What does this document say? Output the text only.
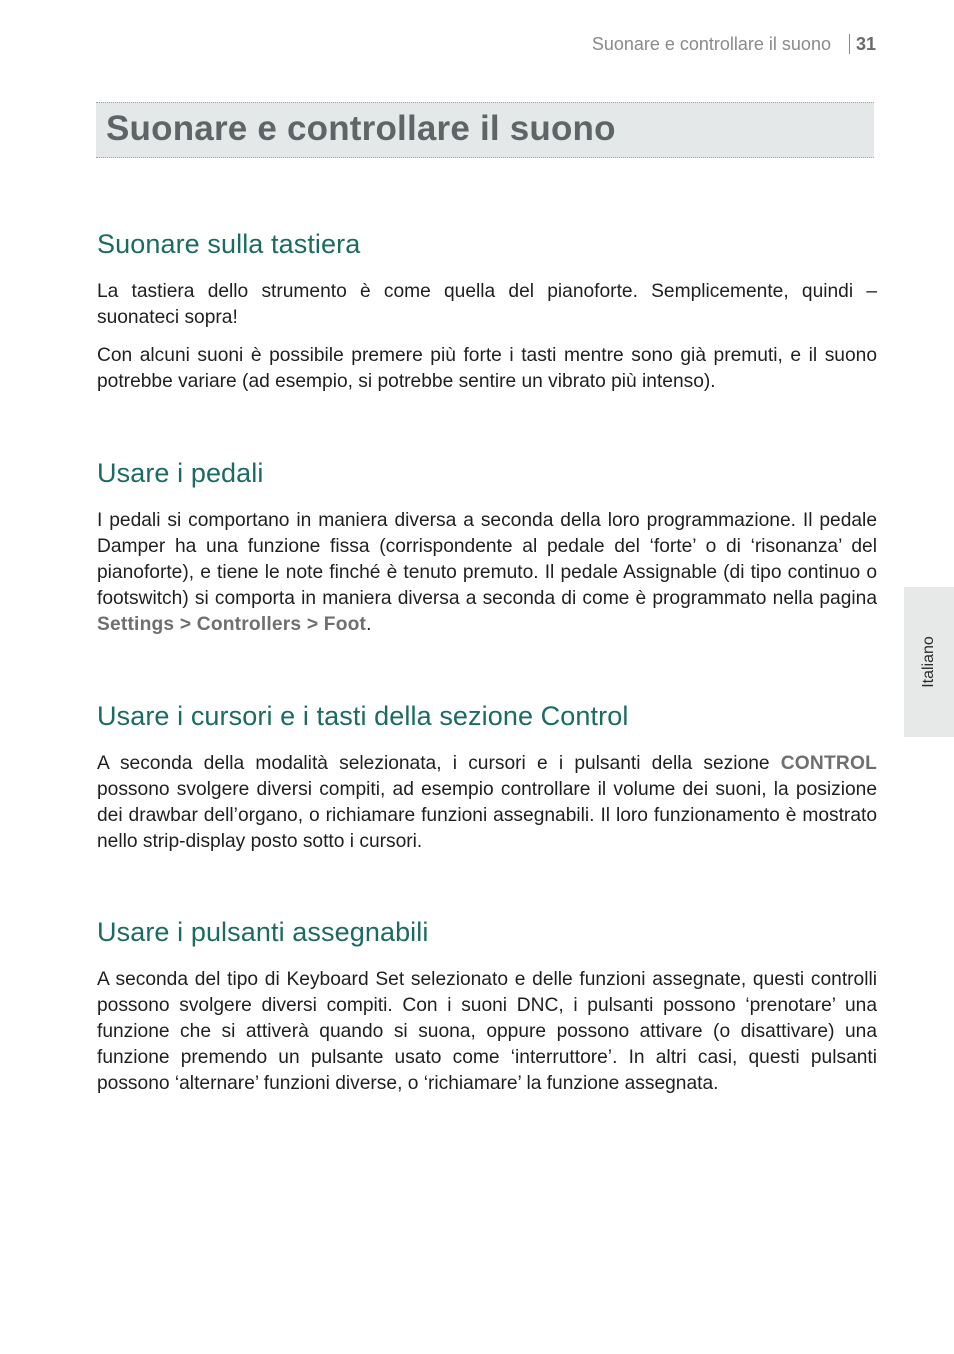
Suonare e controllare il suono 31
Suonare e controllare il suono
Suonare sulla tastiera

La tastiera dello strumento è come quella del pianoforte. Semplicemente, quindi – suonateci sopra!

Con alcuni suoni è possibile premere più forte i tasti mentre sono già premuti, e il suono potrebbe variare (ad esempio, si potrebbe sentire un vibrato più intenso).

Usare i pedali

I pedali si comportano in maniera diversa a seconda della loro programmazione. Il pedale Damper ha una funzione fissa (corrispondente al pedale del ‘forte’ o di ‘risonanza’ del pianoforte), e tiene le note finché è tenuto premuto. Il pedale Assignable (di tipo continuo o footswitch) si comporta in maniera diversa a seconda di come è programmato nella pagina Settings > Controllers > Foot.

Usare i cursori e i tasti della sezione Control

A seconda della modalità selezionata, i cursori e i pulsanti della sezione CONTROL possono svolgere diversi compiti, ad esempio controllare il volume dei suoni, la posizione dei drawbar dell’organo, o richiamare funzioni assegnabili. Il loro funzionamento è mostrato nello strip-display posto sotto i cursori.

Usare i pulsanti assegnabili

A seconda del tipo di Keyboard Set selezionato e delle funzioni assegnate, questi controlli possono svolgere diversi compiti. Con i suoni DNC, i pulsanti possono ‘prenotare’ una funzione che si attiverà quando si suona, oppure possono attivare (o disattivare) una funzione premendo un pulsante usato come ‘interruttore’. In altri casi, questi pulsanti possono ‘alternare’ funzioni diverse, o ‘richiamare’ la funzione assegnata.

Italiano
